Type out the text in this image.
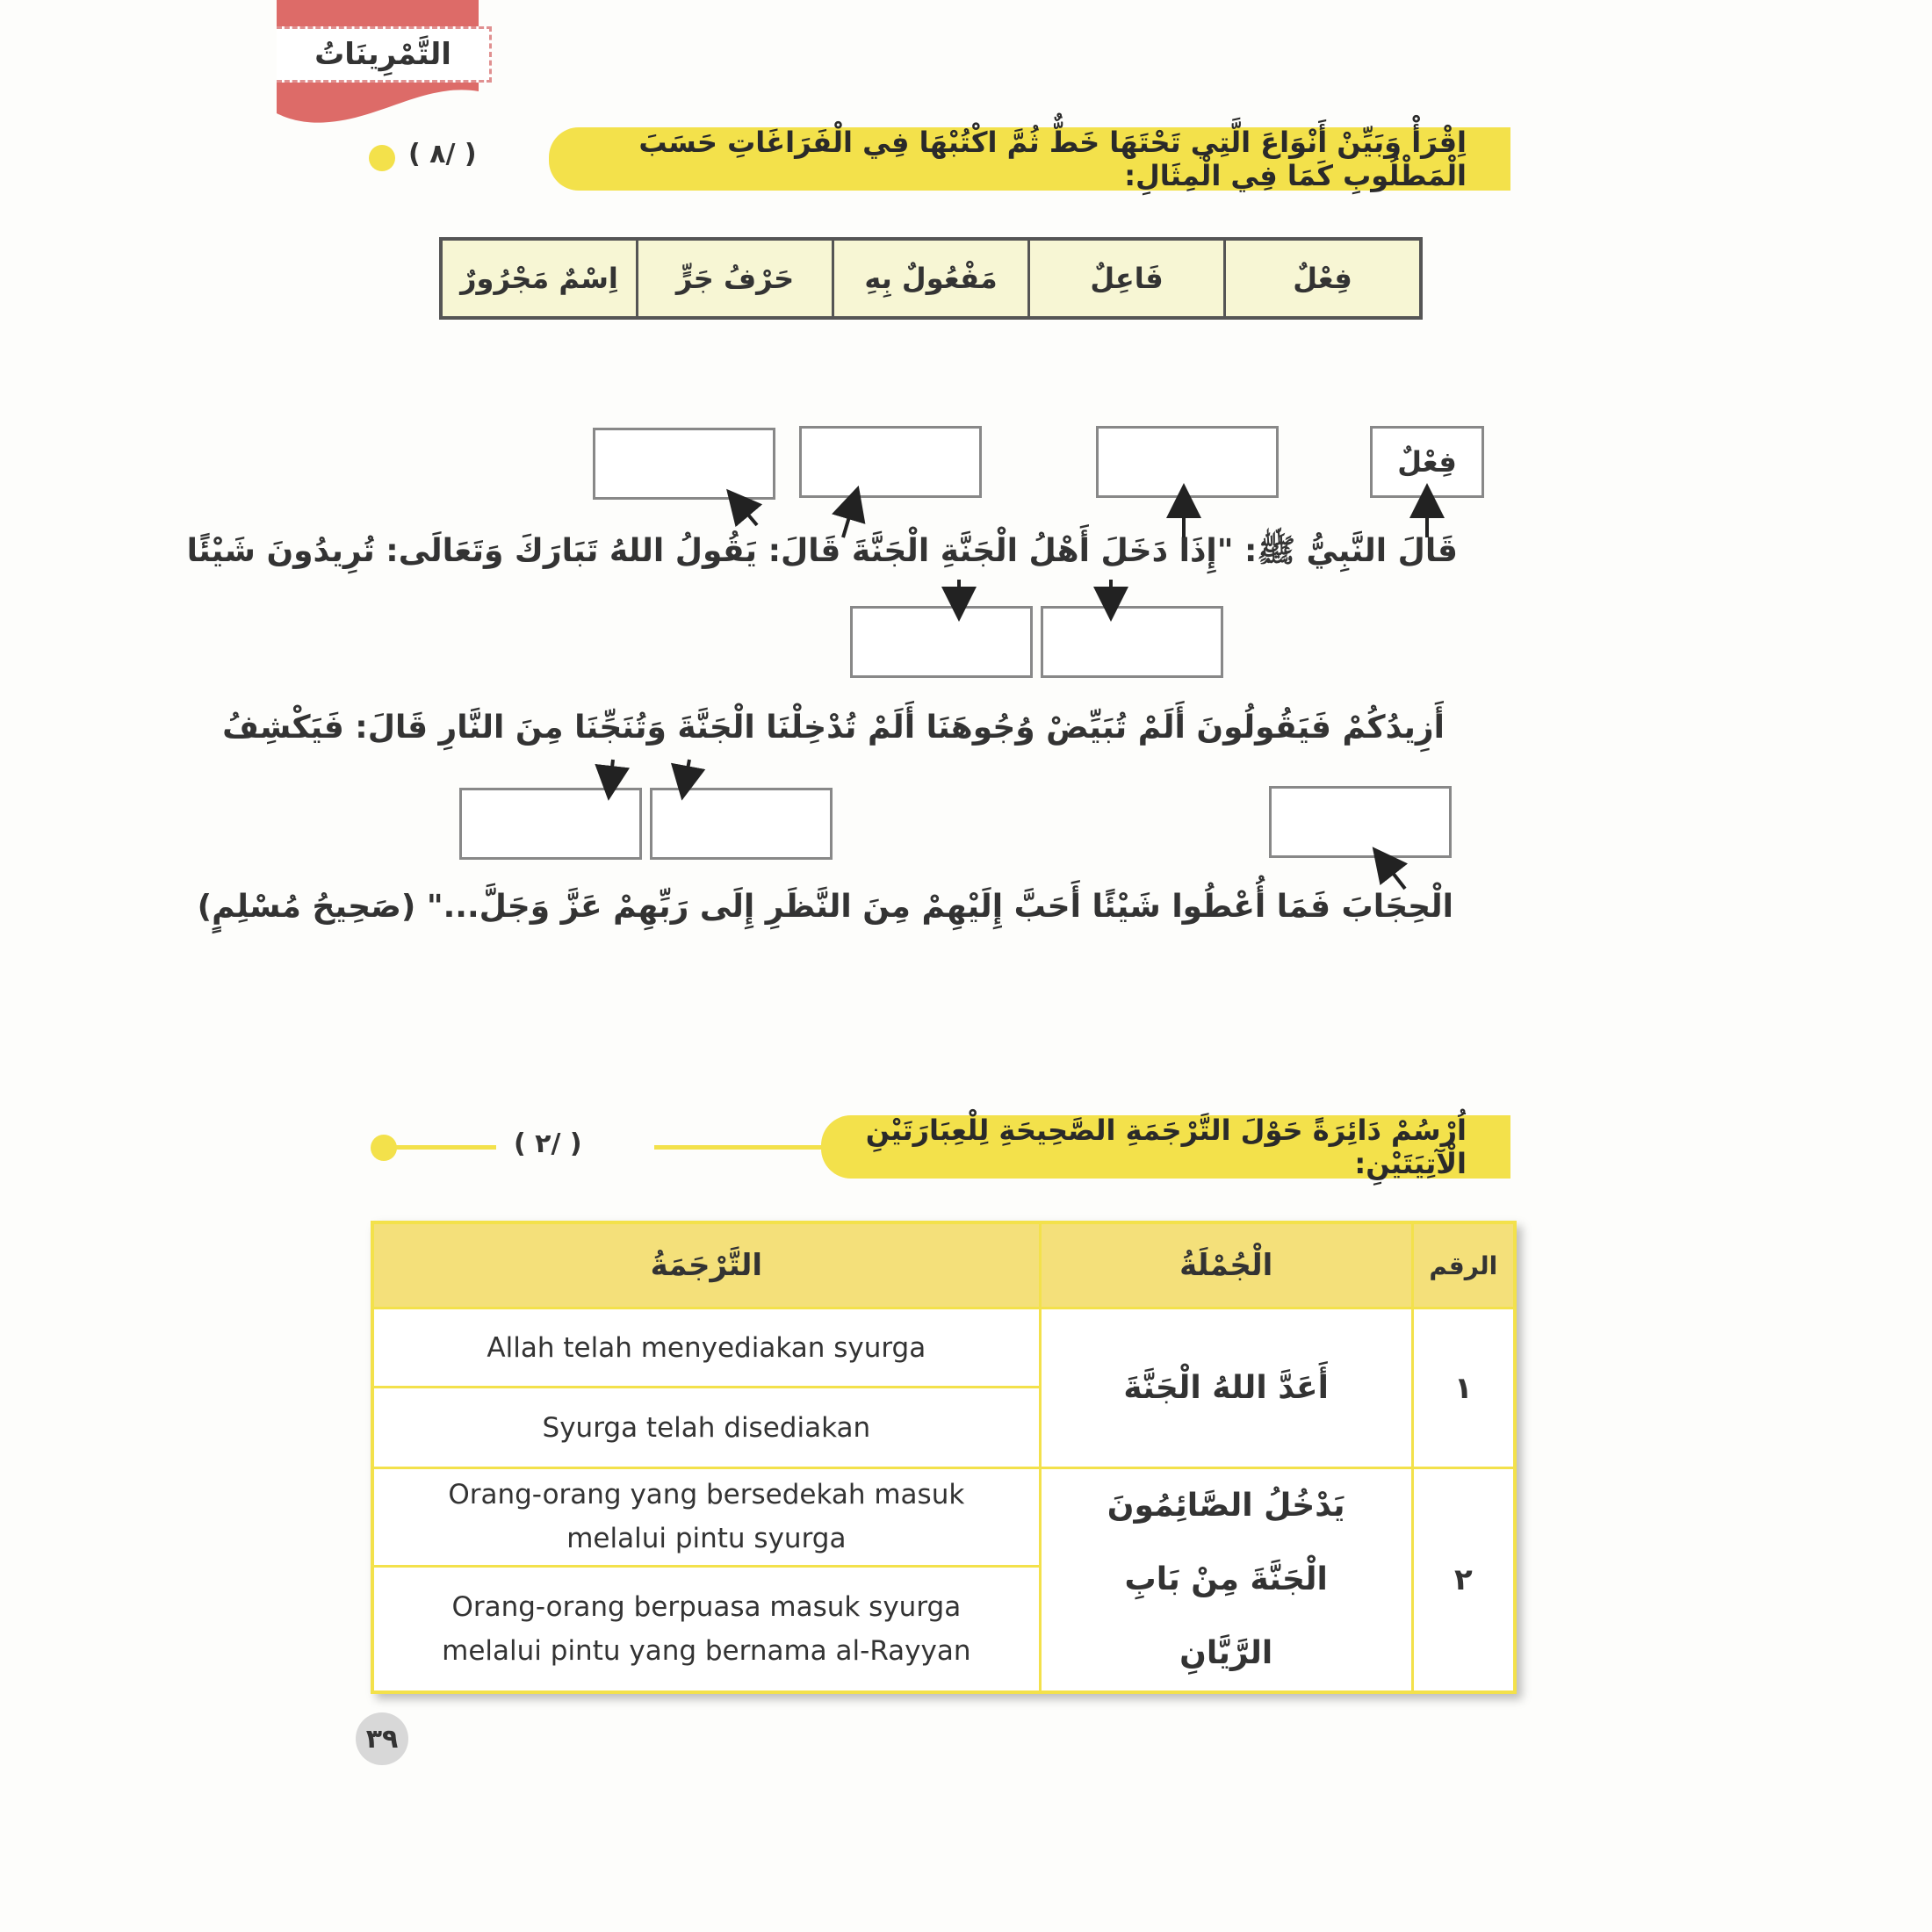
التَّمْرِينَاتُ
( ٨/ )	اِقْرَأْ وَبَيِّنْ أَنْوَاعَ الَّتِي تَحْتَهَا خَطٌّ ثُمَّ اكْتُبْهَا فِي الْفَرَاغَاتِ حَسَبَ الْمَطْلُوبِ كَمَا فِي الْمِثَالِ:
فِعْلٌ
فَاعِلٌ
مَفْعُولٌ بِهِ
حَرْفُ جَرٍّ
اِسْمٌ مَجْرُورٌ
فِعْلٌ
قَالَ النَّبِيُّ ﷺ: "إِذَا دَخَلَ أَهْلُ الْجَنَّةِ الْجَنَّةَ قَالَ: يَقُولُ اللهُ تَبَارَكَ وَتَعَالَى: تُرِيدُونَ شَيْئًا
أَزِيدُكُمْ فَيَقُولُونَ أَلَمْ تُبَيِّضْ وُجُوهَنَا أَلَمْ تُدْخِلْنَا الْجَنَّةَ وَتُنَجِّنَا مِنَ النَّارِ قَالَ: فَيَكْشِفُ
الْحِجَابَ فَمَا أُعْطُوا شَيْئًا أَحَبَّ إِلَيْهِمْ مِنَ النَّظَرِ إِلَى رَبِّهِمْ عَزَّ وَجَلَّ..." (صَحِيحُ مُسْلِمٍ)
( ٢/ )	اُرْسُمْ دَائِرَةً حَوْلَ التَّرْجَمَةِ الصَّحِيحَةِ لِلْعِبَارَتَيْنِ الْآتِيَتَيْنِ:
التَّرْجَمَةُ	الْجُمْلَةُ	الرقم
Allah telah menyediakan syurga	أَعَدَّ اللهُ الْجَنَّةَ	١
Syurga telah disediakan		
Orang-orang yang bersedekah masuk melalui pintu syurga	يَدْخُلُ الصَّائِمُونَ الْجَنَّةَ مِنْ بَابِ الرَّيَّانِ	٢
Orang-orang berpuasa masuk syurga melalui pintu yang bernama al-Rayyan		
٣٩
